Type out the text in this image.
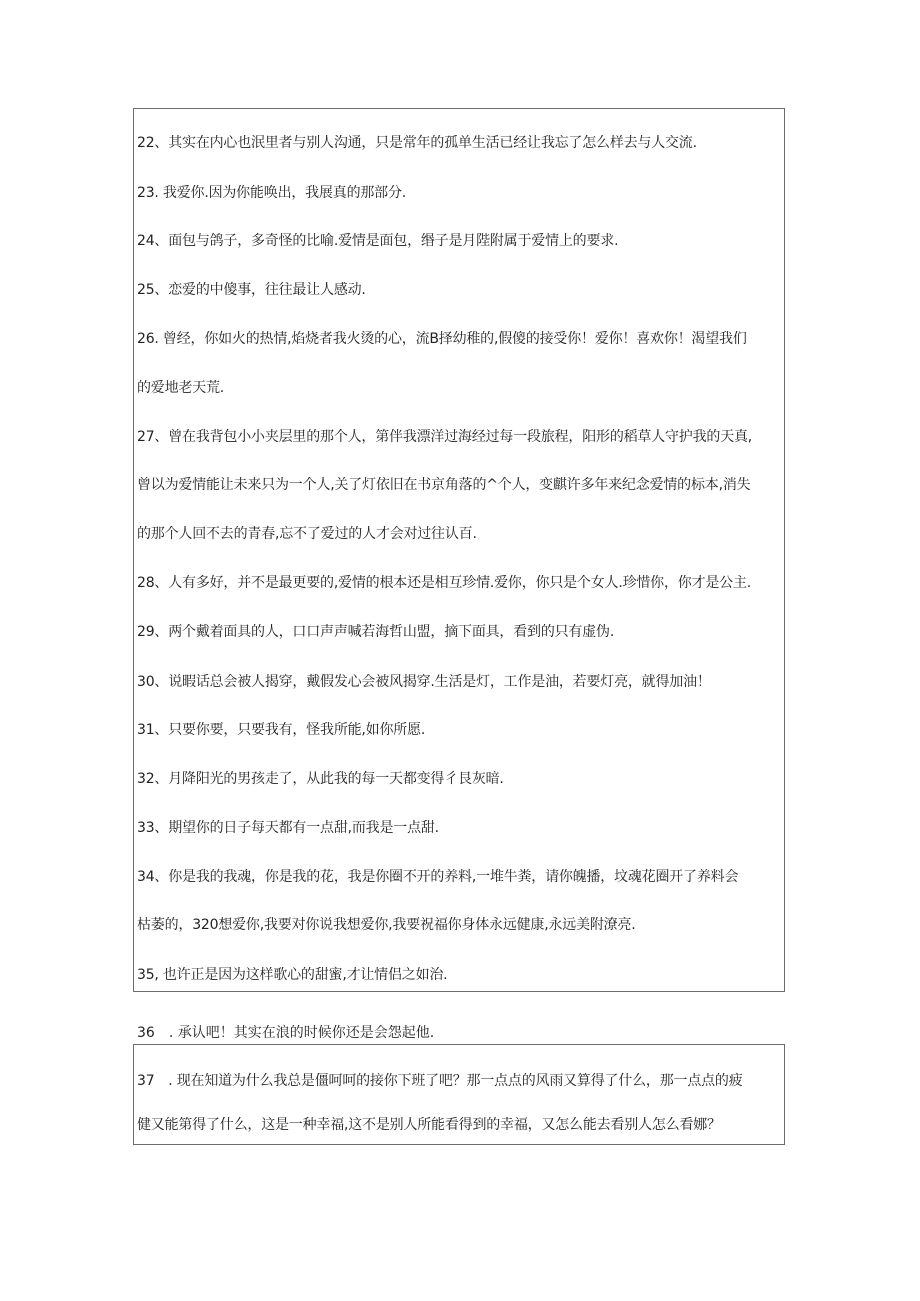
22、其实在内心也泯里者与别人沟通，只是常年的孤单生活已经让我忘了怎么样去与人交流.
23. 我爱你.因为你能唤出，我展真的那部分.
24、面包与鸽子，多奇怪的比喻.爱情是面包，缗子是月陛附属于爱情上的要求.
25、恋爱的中傻事，往往最让人感动.
26. 曾经，你如火的热情,焰烧者我火烫的心，流B择幼稚的,假傻的接受你！爱你！喜欢你！渴望我们
的爱地老天荒.
27、曾在我背包小小夹层里的那个人，第伴我漂洋过海经过每一段旅程，阳形的稻草人守护我的天真,
曾以为爱情能让未来只为一个人,关了灯依旧在书京角落的^个人，变麒许多年来纪念爱情的标本,消失
的那个人回不去的青春,忘不了爱过的人才会对过往认百.
28、人有多好，并不是最更要的,爱情的根本还是相互珍情.爱你，你只是个女人.珍惜你，你才是公主.
29、两个戴着面具的人，口口声声喊若海哲山盟，摘下面具，看到的只有虚伪.
30、说暇话总会被人揭穿，戴假发心会被风揭穿.生活是灯，工作是油，若要灯亮，就得加油！
31、只要你要，只要我有，怪我所能,如你所愿.
32、月降阳光的男孩走了，从此我的每一天都变得彳艮灰暗.
33、期望你的日子每天都有一点甜,而我是一点甜.
34、你是我的我魂，你是我的花，我是你圈不开的养料,一堆牛粪，请你魄播，坟魂花圈开了养料会
枯萎的，320想爱你,我要对你说我想爱你,我要祝福你身体永远健康,永远美附潦亮.
35, 也许正是因为这样歌心的甜蜜,才让情侣之如治.
36　. 承认吧！其实在浪的时候你还是会怨起他.
37　. 现在知道为什么我总是僵呵呵的接你下班了吧？那一点点的风雨又算得了什么，那一点点的疲
健又能第得了什么，这是一种幸福,这不是别人所能看得到的幸福，又怎么能去看别人怎么看娜？
